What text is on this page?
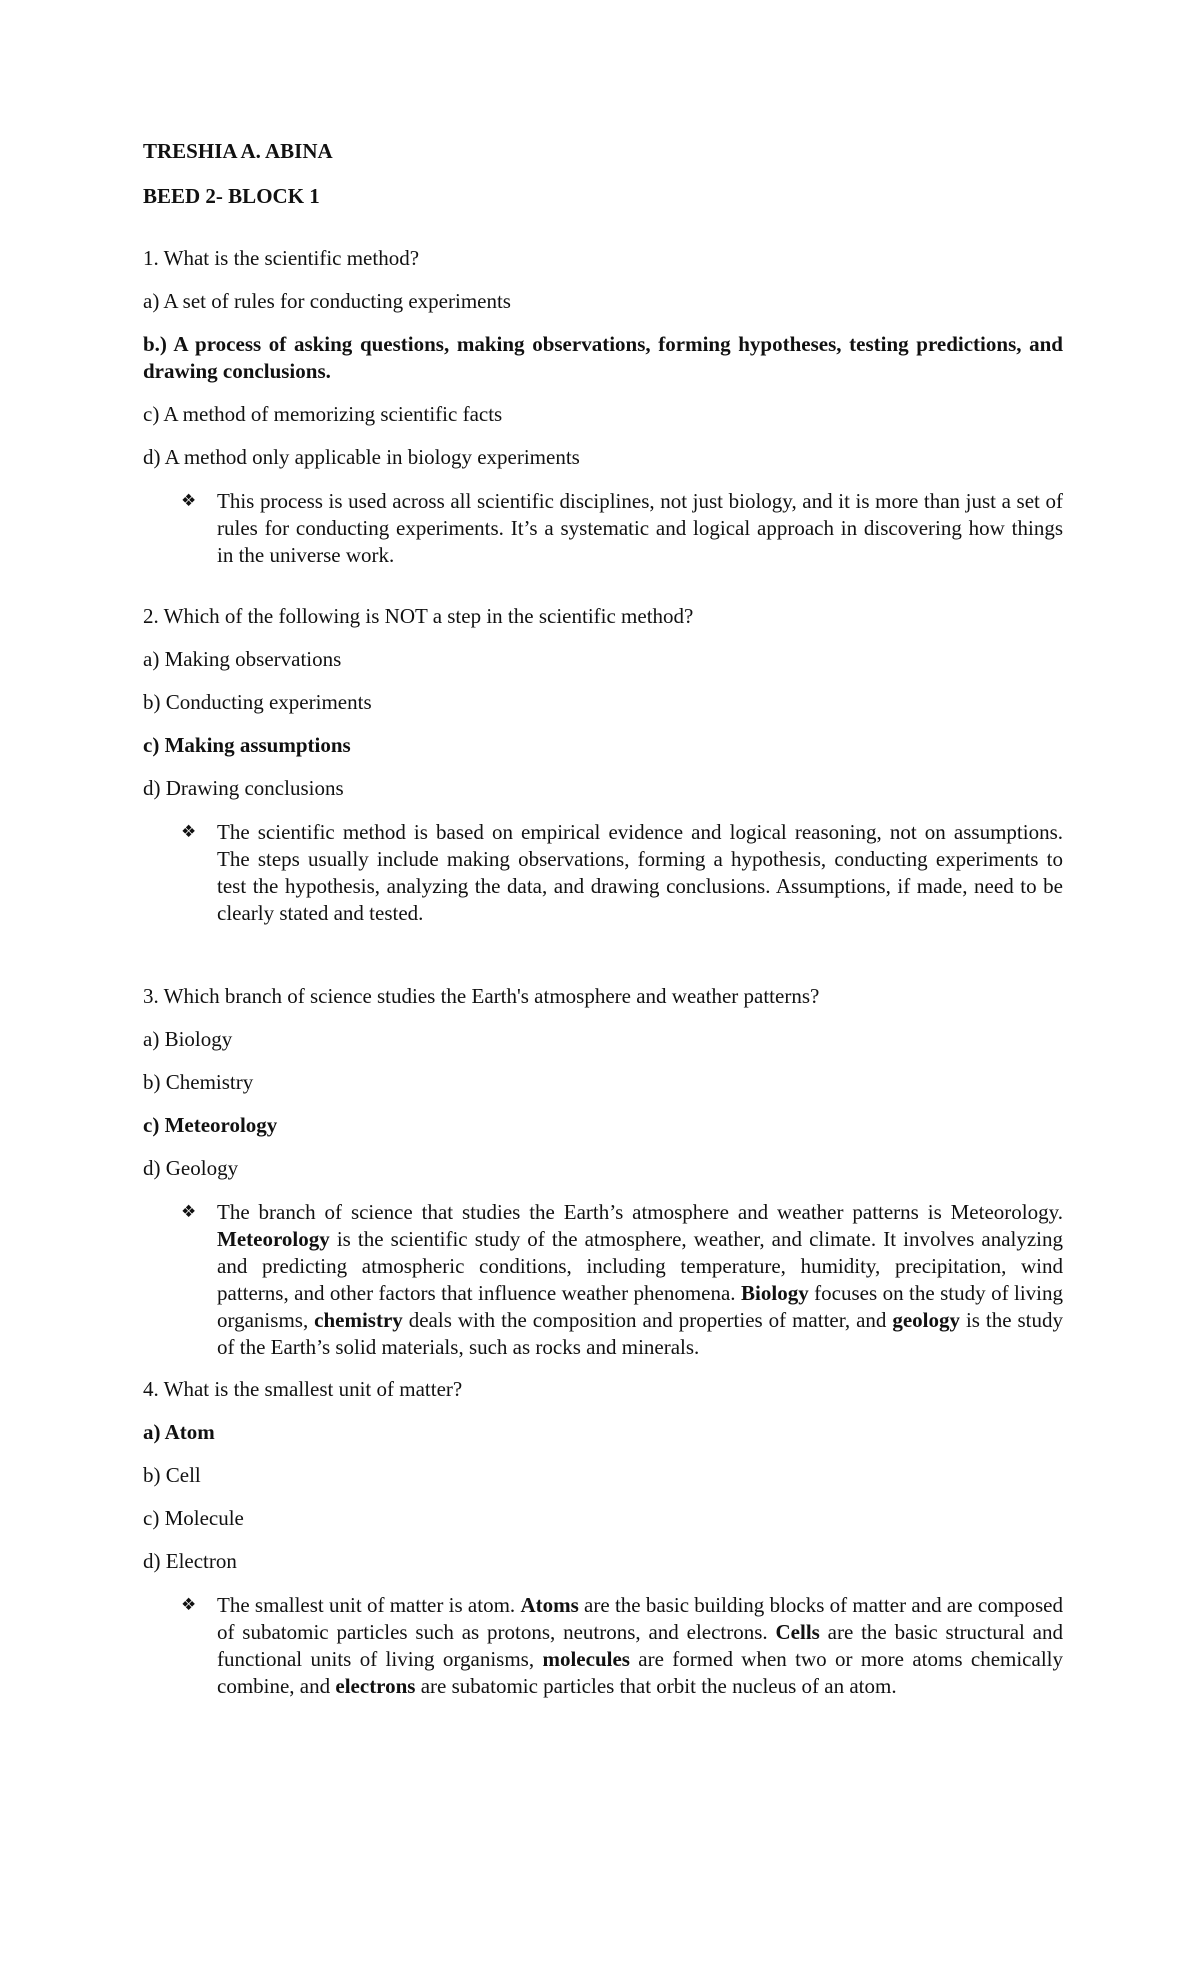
TRESHIA A. ABINA

BEED 2- BLOCK 1

1. What is the scientific method?

a) A set of rules for conducting experiments

b.) A process of asking questions, making observations, forming hypotheses, testing predictions, and drawing conclusions.

c) A method of memorizing scientific facts

d) A method only applicable in biology experiments

❖ This process is used across all scientific disciplines, not just biology, and it is more than just a set of rules for conducting experiments. It’s a systematic and logical approach in discovering how things in the universe work.

2. Which of the following is NOT a step in the scientific method?

a) Making observations

b) Conducting experiments

c) Making assumptions

d) Drawing conclusions

❖ The scientific method is based on empirical evidence and logical reasoning, not on assumptions. The steps usually include making observations, forming a hypothesis, conducting experiments to test the hypothesis, analyzing the data, and drawing conclusions. Assumptions, if made, need to be clearly stated and tested.

3. Which branch of science studies the Earth's atmosphere and weather patterns?

a) Biology

b) Chemistry

c) Meteorology

d) Geology

❖ The branch of science that studies the Earth’s atmosphere and weather patterns is Meteorology. Meteorology is the scientific study of the atmosphere, weather, and climate. It involves analyzing and predicting atmospheric conditions, including temperature, humidity, precipitation, wind patterns, and other factors that influence weather phenomena. Biology focuses on the study of living organisms, chemistry deals with the composition and properties of matter, and geology is the study of the Earth’s solid materials, such as rocks and minerals.

4. What is the smallest unit of matter?

a) Atom

b) Cell

c) Molecule

d) Electron

❖ The smallest unit of matter is atom. Atoms are the basic building blocks of matter and are composed of subatomic particles such as protons, neutrons, and electrons. Cells are the basic structural and functional units of living organisms, molecules are formed when two or more atoms chemically combine, and electrons are subatomic particles that orbit the nucleus of an atom.
